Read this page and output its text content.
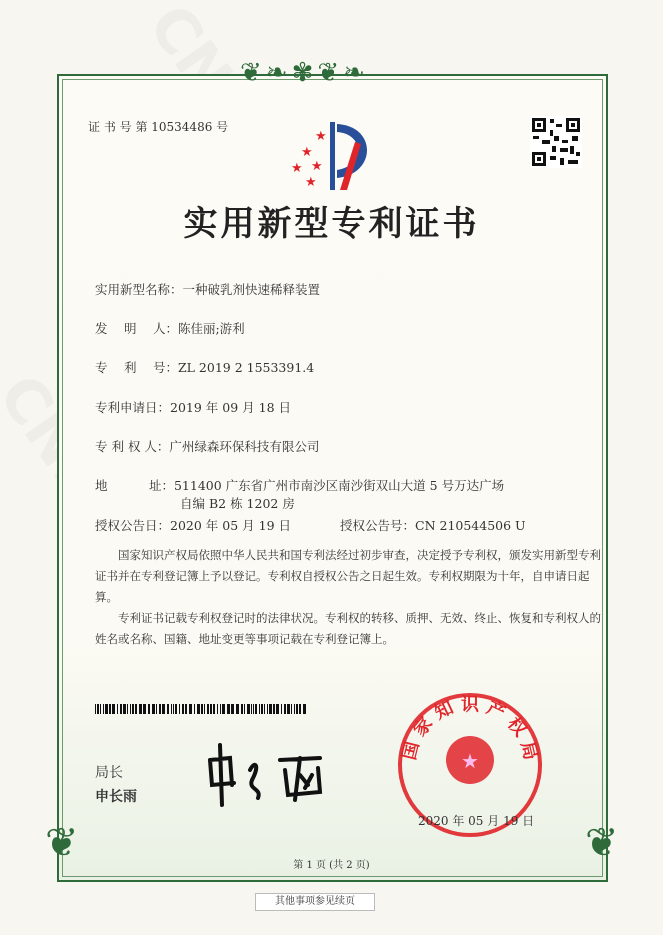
❦❧✾❦❧
❦	❦
证 书 号 第 10534486 号
★
★
★ ★
★
实用新型专利证书
实用新型名称：一种破乳剂快速稀释装置
发　 明　 人：陈佳丽;游利
专　 利　 号：ZL 2019 2 1553391.4
专利申请日：2019 年 09 月 18 日
专 利 权 人：广州绿森环保科技有限公司
地　　　 址：511400 广东省广州市南沙区南沙街双山大道 5 号万达广场
自编 B2 栋 1202 房
授权公告日：2020 年 05 月 19 日	授权公告号：CN 210544506 U
国家知识产权局依照中华人民共和国专利法经过初步审查，决定授予专利权，颁发实用新型专利证书并在专利登记簿上予以登记。专利权自授权公告之日起生效。专利权期限为十年，自申请日起算。
专利证书记载专利权登记时的法律状况。专利权的转移、质押、无效、终止、恢复和专利权人的姓名或名称、国籍、地址变更等事项记载在专利登记簿上。
局长
申长雨
★
国 家 知 识 产 权 局
2020 年 05 月 19 日
第 1 页 (共 2 页)
其他事项参见续页
